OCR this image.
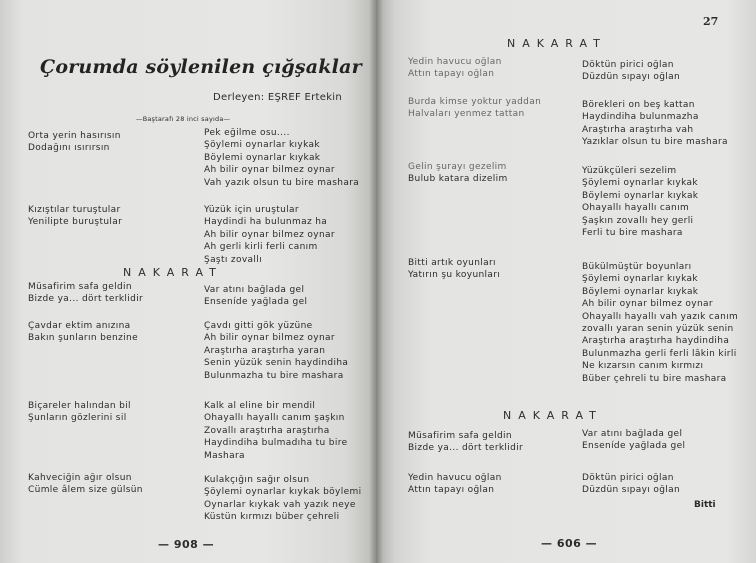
Çorumda söylenilen çığşaklar
Derleyen: EŞREF Ertekin
—Baştarafı 28 inci sayıda—
Orta yerin hasırısın
Dodağını ısırırsın
Pek eğilme osu....
Şöylemi oynarlar kıykak
Böylemi oynarlar kıykak
Ah bilir oynar bilmez oynar
Vah yazık olsun tu bire mashara
Kızıştılar turuştular
Yenilipte buruştular
Yüzük için uruştular
Haydindi ha bulunmaz ha
Ah bilir oynar bilmez oynar
Ah gerli kirli ferli canım
Şaştı zovallı
NAKARAT
Müsafirim safa geldin
Bizde ya... dört terklidir
Var atını bağlada gel
Enseníde yağlada gel
Çavdar ektim anızına
Bakın şunların benzine
Çavdı gitti gök yüzüne
Ah bilir oynar bilmez oynar
Araştırha araştırha yaran
Senin yüzük senin haydindiha
Bulunmazha tu bire mashara
Biçareler halından bil
Şunların gözlerini sil
Kalk al eline bir mendil
Ohayallı hayallı canım şaşkın
Zovallı araştırha araştırha
Haydindiha bulmadıha tu bire
Mashara
Kahveciğin ağır olsun
Cümle âlem size gülsün
Kulakçığın sağır olsun
Şöylemi oynarlar kıykak böylemi
Oynarlar kıykak vah yazık neye
Küstün kırmızı büber çehreli
— 908 —
27
NAKARAT
Yedin havucu oğlan
Attın tapayı oğlan
Döktün pirici oğlan
Düzdün sıpayı oğlan
Burda kimse yoktur yaddan
Halvaları yenmez tattan
Börekleri on beş kattan
Haydindiha bulunmazha
Araştırha araştırha vah
Yazıklar olsun tu bire mashara
Gelin şurayı gezelim
Bulub katara dizelim
Yüzükçüleri sezelim
Şöylemi oynarlar kıykak
Böylemi oynarlar kıykak
Ohayallı hayallı canım
Şaşkın zovallı hey gerli
Ferli tu bire mashara
Bitti artık oyunları
Yatırın şu koyunları
Bükülmüştür boyunları
Şöylemi oynarlar kıykak
Böylemi oynarlar kıykak
Ah bilir oynar bilmez oynar
Ohayallı hayallı vah yazık canım
zovallı yaran senin yüzük senin
Araştırha araştırha haydindiha
Bulunmazha gerli ferli lâkin kirli
Ne kızarsın canım kırmızı
Büber çehreli tu bire mashara
NAKARAT
Müsafirim safa geldin
Bizde ya... dört terklidir
Var atını bağlada gel
Enseníde yağlada gel
Yedin havucu oğlan
Attın tapayı oğlan
Döktün pirici oğlan
Düzdün sıpayı oğlan
Bitti
— 606 —
